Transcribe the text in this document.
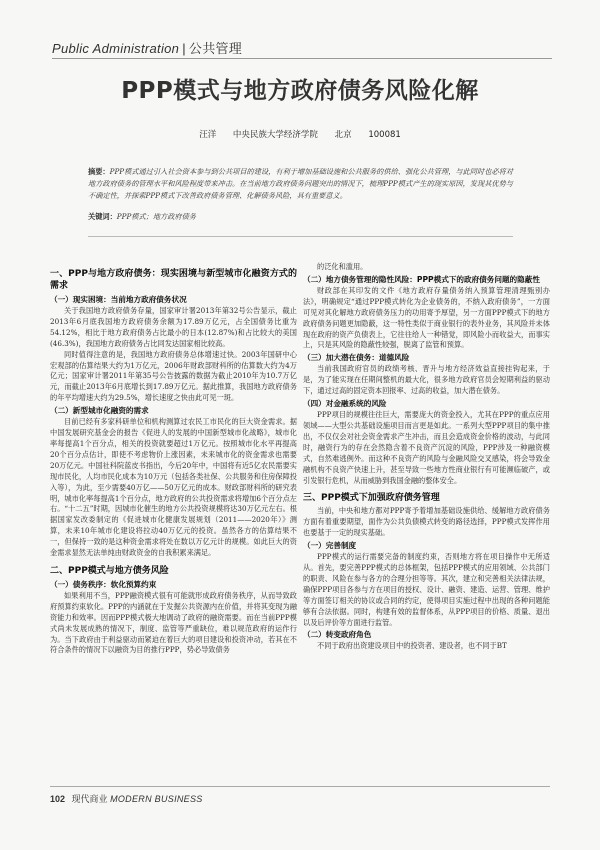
Public Administration | 公共管理
PPP模式与地方政府债务风险化解
汪洋 中央民族大学经济学院 北京 100081
摘要：PPP模式通过引入社会资本参与到公共项目的建设，有利于增加基础设施和公共服务的供给、强化公共管理，与此同时也必将对地方政府债务的管理水平和风险程度带来冲击。在当前地方政府债务问题突出的情况下，梳理PPP模式产生的现实原因，发现其优势与不确定性，并探索PPP模式下改善政府债务管理、化解债务风险，具有重要意义。
关键词：PPP模式；地方政府债务
一、PPP与地方政府债务：现实困境与新型城市化融资方式的需求
（一）现实困境：当前地方政府债务状况

关于我国地方政府债务存量，国家审计署2013年第32号公告显示，截止2013年6月底我国地方政府债务余额为17.89万亿元，占全国债务比重为54.12%，相比于地方政府债务占比最小的日本(12.87%)和占比较大的美国(46.3%)，我国地方政府债务占比同发达国家相比较高。

同时值得注意的是，我国地方政府债务总体增速过快。2003年国研中心宏观部的估算结果大约为1万亿元，2006年财政部财科所的估算数大约为4万亿元；国家审计署2011年第35号公告披露的数据为截止2010年为10.7万亿元，而截止2013年6月底增长到17.89万亿元。据此推算，我国地方政府债务的年平均增速大约为29.5%，增长速度之快由此可见一斑。

（二）新型城市化融资的需求

目前已经有多家科研单位和机构测算过农民工市民化的巨大资金需求。据中国发展研究基金会的报告《促进人的发展的中国新型城市化战略》，城市化率每提高1个百分点，相关的投资就要超过1万亿元。按照城市化水平再提高20个百分点估计，即使不考虑物价上涨因素，未来城市化的资金需求也需要20万亿元。中国社科院蓝皮书指出，今后20年中，中国将有近5亿农民需要实现市民化，人均市民化成本为10万元（包括各类社保、公共服务和住房保障投入等），为此，至少需要40万亿——50万亿元的成本。财政部财科所的研究表明，城市化率每提高1个百分点，地方政府的公共投资需求将增加6个百分点左右。“十二五”时期，因城市化催生的地方公共投资规模将达30万亿元左右。根据国家发改委制定的《促进城市化健康发展规划（2011——2020年）》测算，未来10年城市化建设将拉动40万亿元的投资。虽然各方的估算结果不一，但保持一致的是这种资金需求将处在数以万亿元计的规模。如此巨大的资金需求显然无法单纯由财政资金的自我积累来满足。

二、PPP模式与地方债务风险
（一）债务秩序：软化预算约束

如果利用不当，PPP融资模式很有可能就形成政府债务秩序，从而导致政府预算约束软化。PPP的内涵就在于发掘公共资源内在价值，并将其变现为融资能力和效率。因而PPP模式极大地调动了政府的融资需要。而在当前PPP模式尚未发展成熟的情况下，制度、监管等严重缺位，难以规范政府的运作行为。当下政府由于利益驱动而紧迫在着巨大的项目建设和投资冲动，若其在不符合条件的情况下以融资为目的推行PPP，势必导致债务

的泛化和滥用。

（二）地方债务管理的隐性风险：PPP模式下的政府债务问题的隐蔽性

财政部在其印发的文件《地方政府存量债务纳入预算管理清理甄别办法》，明确规定“通过PPP模式转化为企业债务的，不纳入政府债务”，一方面可见对其化解地方政府债务压力的功用寄予厚望，另一方面PPP模式下的地方政府债务问题更加隐蔽，这一特性类似于商业银行的表外业务，其风险并未体现在政府的资产负债表上，它往往给人一种错觉，即风险小而收益大，而事实上，只是其风险的隐蔽性较强，脱离了监管和预算。

（三）加大潜在债务：道德风险

当前我国政府官员的政绩考核、晋升与地方经济效益直接挂钩起来，于是，为了能实现在任期间整机的最大化，很多地方政府官员会短期利益的驱动下，通过过高的固定资本回报率、过高的收益，加大潜在债务。

（四）对金融系统的风险

PPP项目的规模往往巨大，需要庞大的资金投入，尤其在PPP的重点应用领域——大型公共基础设施项目而言更是如此。一系列大型PPP项目的集中推出，不仅仅会对社会资金需求产生冲击，而且会造成资金价格的波动，与此同时，融资行为的存在会然隐含着不良资产沉淀的风险，PPP涉及一种融资模式，自然难逃例外。而这种不良资产的风险与金融风险交叉感染，将会导致金融机构不良资产快速上升，甚至导致一些地方性商业银行有可能濒临破产，或引发银行危机，从而威胁到我国金融的整体安全。

三、PPP模式下加强政府债务管理

当前，中央和地方都对PPP寄予着增加基础设施供给、缓解地方政府债务方面有着重要期望，面作为公共负债模式转变的路径选择，PPP模式发挥作用也要基于一定的现实基础。

（一）完善制度

PPP模式的运行需要完备的制度约束，否则地方将在项目操作中无所适从。首先，要完善PPP模式的总体框架，包括PPP模式的应用领域、公共部门的职责、风险在参与各方的合理分担等等。其次，建立和完善相关法律法规，确保PPP项目各参与方在项目的授权、设计、融资、建造、运营、管理、维护等方面签订相关的协议或合同的约定，使得项目实施过程中出现的各种问题能够有合法依据。同时，构建有效的监督体系，从PPP项目的价格、质量、退出以及后评价等方面进行监管。

（二）转变政府角色

不同于政府出资建设项目中的投资者、建设者，也不同于BT

102 现代商业 MODERN BUSINESS
